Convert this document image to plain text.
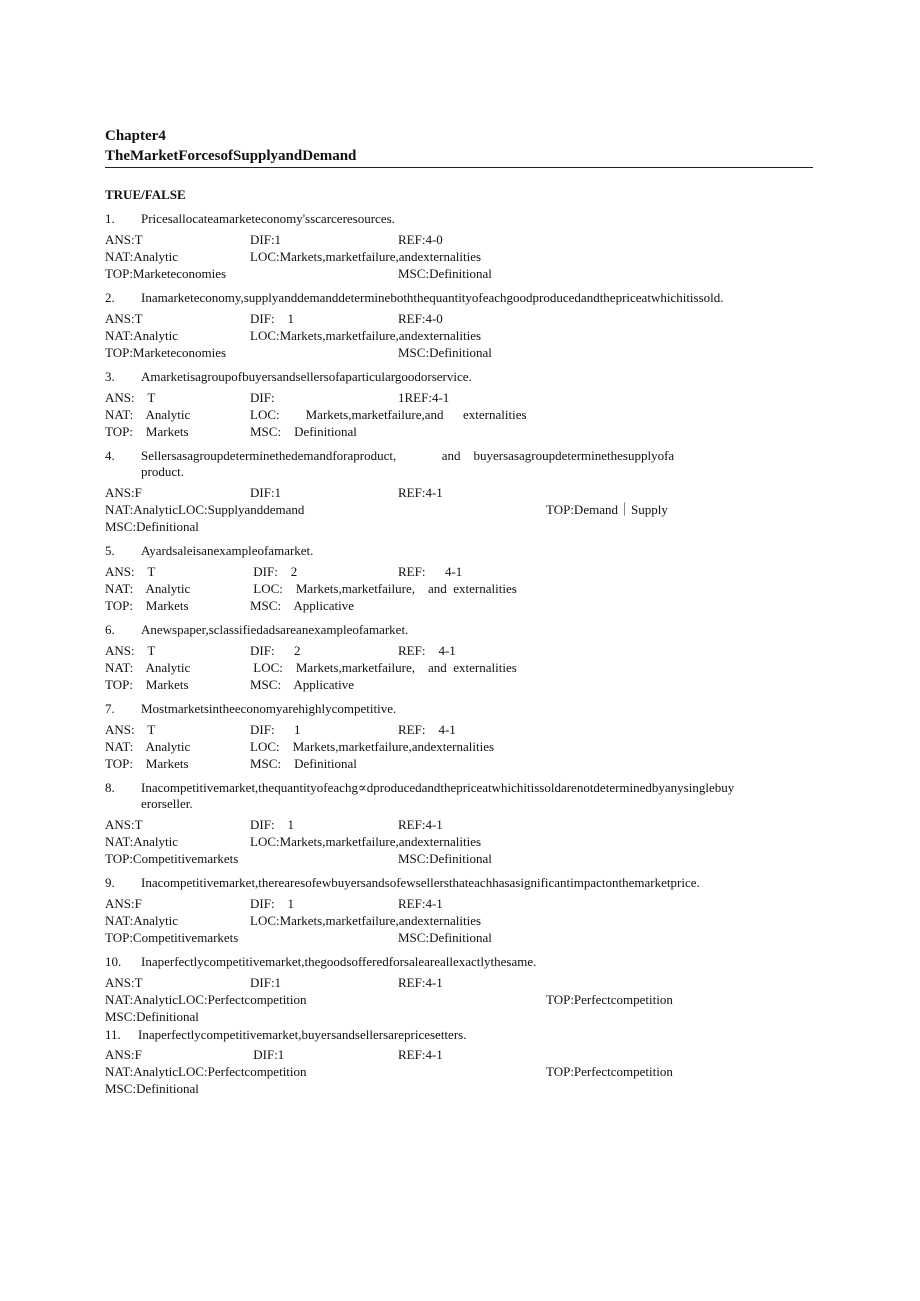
Chapter4
TheMarketForcesofSupplyandDemand
TRUE/FALSE
1. Pricesallocateamarketeconomy'sscarceresources.
ANS:T	DIF:1	REF:4-0
NAT:Analytic	LOC:Markets,marketfailure,andexternalities
TOP:Marketeconomies	MSC:Definitional
2. Inamarketeconomy,supplyanddemanddetermineboththequantityofeachgoodproducedandthepriceatwhichitissold.
ANS:T	DIF:    1	REF:4-0
NAT:Analytic	LOC:Markets,marketfailure,andexternalities
TOP:Marketeconomies	MSC:Definitional
3. Amarketisagroupofbuyersandsellersofaparticulargoodorservice.
ANS:    T	DIF:	1REF:4-1
NAT:    Analytic	LOC:        Markets,marketfailure,and      externalities
TOP:    Markets	MSC:    Definitional
4. Sellersasagroupdeterminethedemandforaproduct,              and    buyersasagroupdeterminethesupplyofa
product.
ANS:F	DIF:1	REF:4-1
NAT:AnalyticLOC:Supplyanddemand	TOP:Demand｜Supply
MSC:Definitional
5. Ayardsaleisanexampleofamarket.
ANS:    T	DIF:    2	REF:      4-1
NAT:    Analytic	LOC:    Markets,marketfailure,    and  externalities
TOP:    Markets	MSC:    Applicative
6. Anewspaper,sclassifiedadsareanexampleofamarket.
ANS:    T	DIF:      2	REF:    4-1
NAT:    Analytic	LOC:    Markets,marketfailure,    and  externalities
TOP:    Markets	MSC:    Applicative
7. Mostmarketsintheeconomyarehighlycompetitive.
ANS:    T	DIF:      1	REF:    4-1
NAT:    Analytic	LOC:    Markets,marketfailure,andexternalities
TOP:    Markets	MSC:    Definitional
8. Inacompetitivemarket,thequantityofeachg∝dproducedandthepriceatwhichitissoldarenotdeterminedbyanysinglebuy
erorseller.
ANS:T	DIF:    1	REF:4-1
NAT:Analytic	LOC:Markets,marketfailure,andexternalities
TOP:Competitivemarkets	MSC:Definitional
9. Inacompetitivemarket,therearesofewbuyersandsofewsellersthateachhasasignificantimpactonthemarketprice.
ANS:F	DIF:    1	REF:4-1
NAT:Analytic	LOC:Markets,marketfailure,andexternalities
TOP:Competitivemarkets	MSC:Definitional
10. Inaperfectlycompetitivemarket,thegoodsofferedforsaleareallexactlythesame.
ANS:T	DIF:1	REF:4-1
NAT:AnalyticLOC:Perfectcompetition	TOP:Perfectcompetition
MSC:Definitional
11. Inaperfectlycompetitivemarket,buyersandsellersarepricesetters.
ANS:F	DIF:1	REF:4-1
NAT:AnalyticLOC:Perfectcompetition	TOP:Perfectcompetition
MSC:Definitional
